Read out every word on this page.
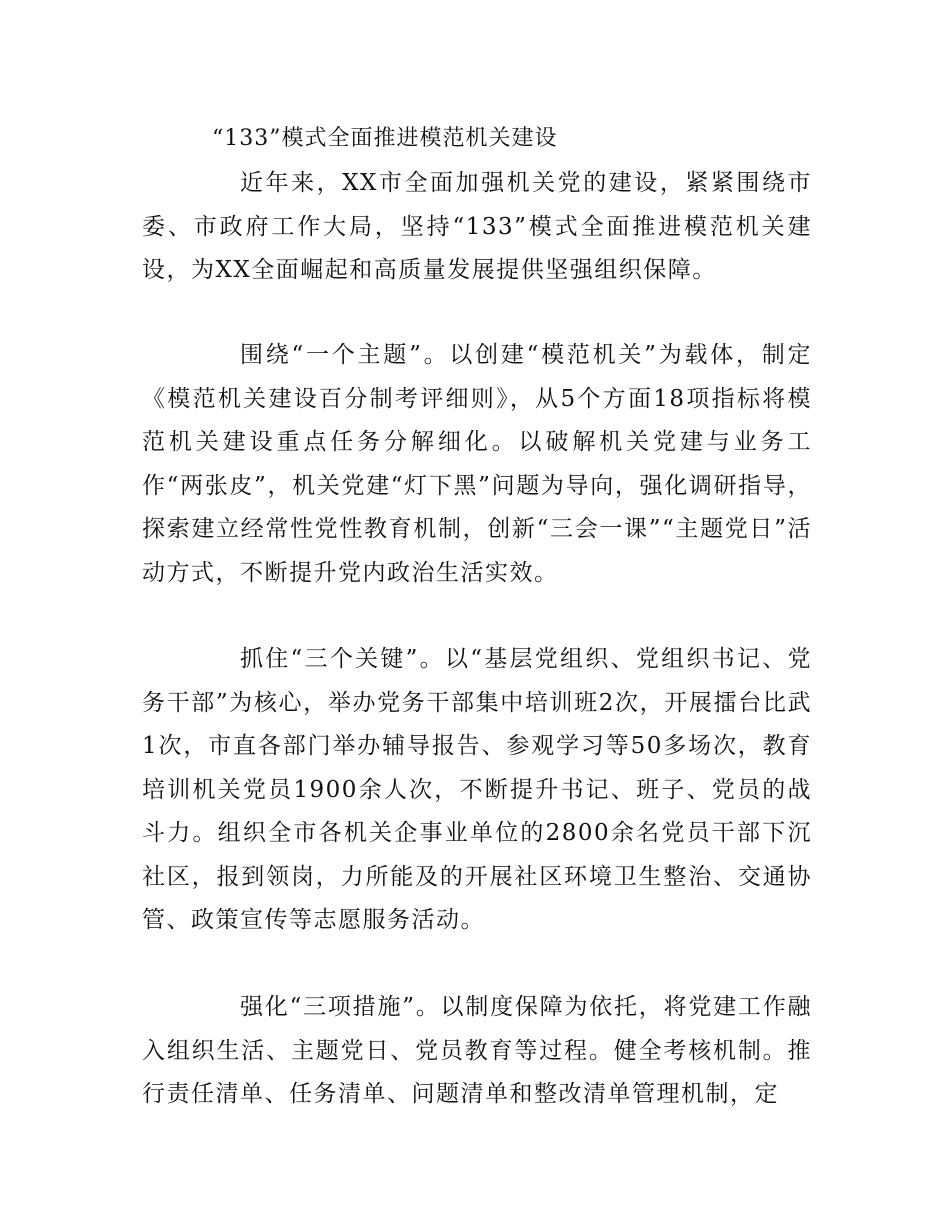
“133”模式全面推进模范机关建设

近年来，XX市全面加强机关党的建设，紧紧围绕市委、市政府工作大局，坚持“133”模式全面推进模范机关建设，为XX全面崛起和高质量发展提供坚强组织保障。

围绕“一个主题”。以创建“模范机关”为载体，制定《模范机关建设百分制考评细则》，从5个方面18项指标将模范机关建设重点任务分解细化。以破解机关党建与业务工作“两张皮”，机关党建“灯下黑”问题为导向，强化调研指导，探索建立经常性党性教育机制，创新“三会一课”“主题党日”活动方式，不断提升党内政治生活实效。

抓住“三个关键”。以“基层党组织、党组织书记、党务干部”为核心，举办党务干部集中培训班2次，开展擂台比武1次，市直各部门举办辅导报告、参观学习等50多场次，教育培训机关党员1900余人次，不断提升书记、班子、党员的战斗力。组织全市各机关企事业单位的2800余名党员干部下沉社区，报到领岗，力所能及的开展社区环境卫生整治、交通协管、政策宣传等志愿服务活动。

强化“三项措施”。以制度保障为依托，将党建工作融入组织生活、主题党日、党员教育等过程。健全考核机制。推行责任清单、任务清单、问题清单和整改清单管理机制，定
